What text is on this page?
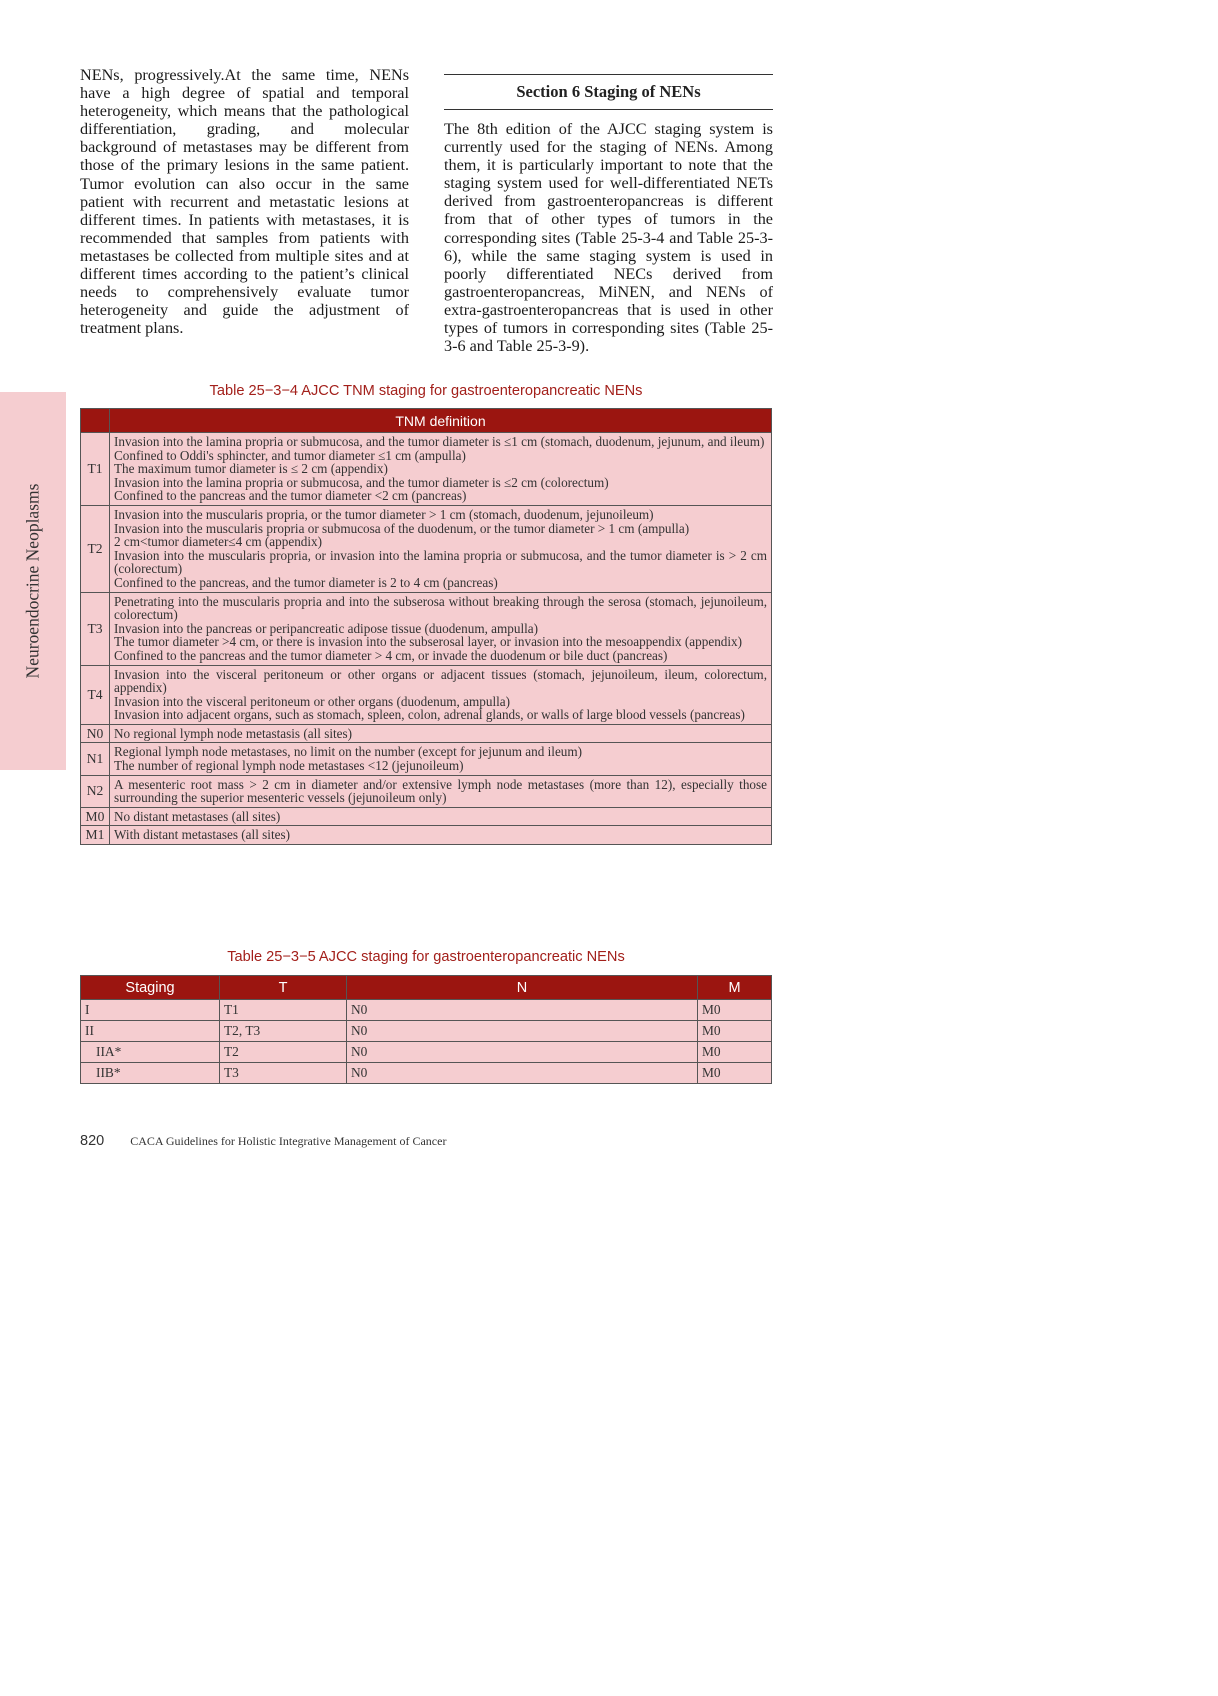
NENs, progressively.At the same time, NENs have a high degree of spatial and temporal heterogeneity, which means that the pathological differentiation, grading, and molecular background of metastases may be different from those of the primary lesions in the same patient. Tumor evolution can also occur in the same patient with recurrent and metastatic lesions at different times. In patients with metastases, it is recommended that samples from patients with metastases be collected from multiple sites and at different times according to the patient’s clinical needs to comprehensively evaluate tumor heterogeneity and guide the adjustment of treatment plans.

Section 6 Staging of NENs

The 8th edition of the AJCC staging system is currently used for the staging of NENs. Among them, it is particularly important to note that the staging system used for well-differentiated NETs derived from gastroenteropancreas is different from that of other types of tumors in the corresponding sites (Table 25-3-4 and Table 25-3-6), while the same staging system is used in poorly differentiated NECs derived from gastroenteropancreas, MiNEN, and NENs of extra-gastroenteropancreas that is used in other types of tumors in corresponding sites (Table 25-3-6 and Table 25-3-9).

Neuroendocrine Neoplasms
Table 25−3−4 AJCC TNM staging for gastroenteropancreatic NENs
	TNM definition
T1	Invasion into the lamina propria or submucosa, and the tumor diameter is ≤1 cm (stomach, duodenum, jejunum, and ileum)
Confined to Oddi's sphincter, and tumor diameter ≤1 cm (ampulla)
The maximum tumor diameter is ≤ 2 cm (appendix)
Invasion into the lamina propria or submucosa, and the tumor diameter is ≤2 cm (colorectum)
Confined to the pancreas and the tumor diameter <2 cm (pancreas)

T2	Invasion into the muscularis propria, or the tumor diameter > 1 cm (stomach, duodenum, jejunoileum)
Invasion into the muscularis propria or submucosa of the duodenum, or the tumor diameter > 1 cm (ampulla)
2 cm<tumor diameter≤4 cm (appendix)
Invasion into the muscularis propria, or invasion into the lamina propria or submucosa, and the tumor diameter is > 2 cm (colorectum)
Confined to the pancreas, and the tumor diameter is 2 to 4 cm (pancreas)

T3	Penetrating into the muscularis propria and into the subserosa without breaking through the serosa (stomach, jejunoileum, colorectum)
Invasion into the pancreas or peripancreatic adipose tissue (duodenum, ampulla)
The tumor diameter >4 cm, or there is invasion into the subserosal layer, or invasion into the mesoappendix (appendix)
Confined to the pancreas and the tumor diameter > 4 cm, or invade the duodenum or bile duct (pancreas)

T4	Invasion into the visceral peritoneum or other organs or adjacent tissues (stomach, jejunoileum, ileum, colorectum, appendix)
Invasion into the visceral peritoneum or other organs (duodenum, ampulla)
Invasion into adjacent organs, such as stomach, spleen, colon, adrenal glands, or walls of large blood vessels (pancreas)

N0	No regional lymph node metastasis (all sites)

N1	Regional lymph node metastases, no limit on the number (except for jejunum and ileum)
The number of regional lymph node metastases <12 (jejunoileum)

N2	A mesenteric root mass > 2 cm in diameter and/or extensive lymph node metastases (more than 12), especially those surrounding the superior mesenteric vessels (jejunoileum only)

M0	No distant metastases (all sites)

M1	With distant metastases (all sites)
Table 25−3−5 AJCC staging for gastroenteropancreatic NENs
Staging	T	N	M
I	T1	N0	M0
II	T2, T3	N0	M0
IIA*	T2	N0	M0
IIB*	T3	N0	M0
820 CACA Guidelines for Holistic Integrative Management of Cancer
